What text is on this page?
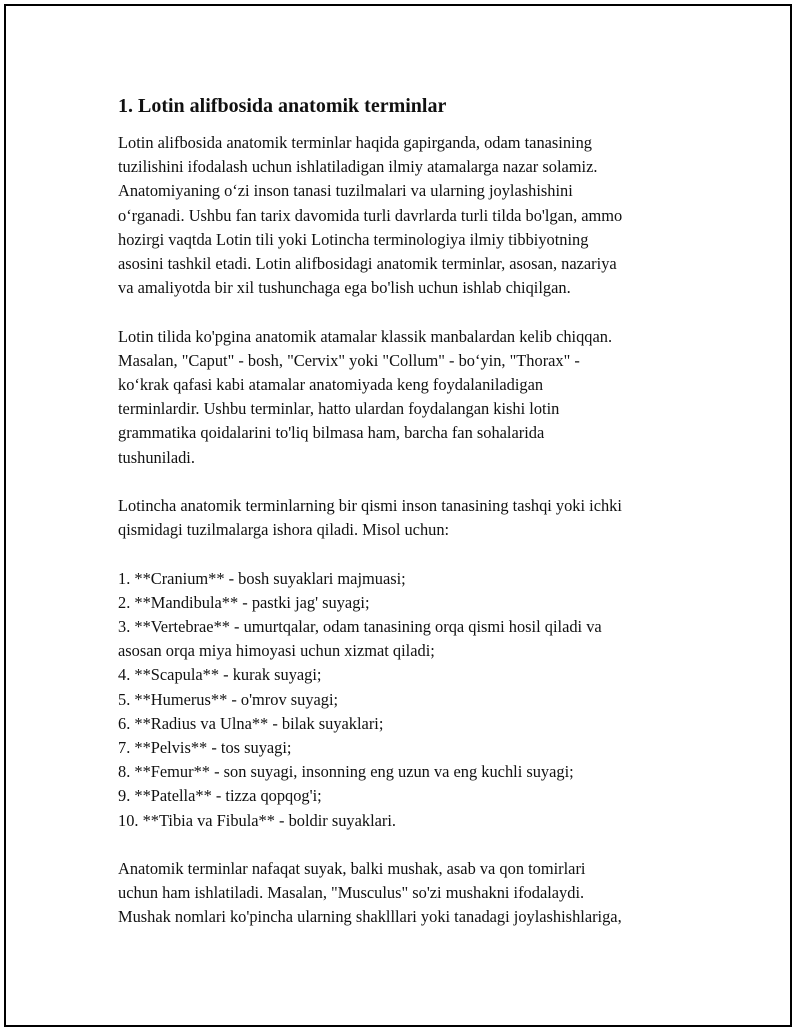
1. Lotin alifbosida anatomik terminlar

Lotin alifbosida anatomik terminlar haqida gapirganda, odam tanasining
tuzilishini ifodalash uchun ishlatiladigan ilmiy atamalarga nazar solamiz.
Anatomiyaning oʻzi inson tanasi tuzilmalari va ularning joylashishini
oʻrganadi. Ushbu fan tarix davomida turli davrlarda turli tilda bo'lgan, ammo
hozirgi vaqtda Lotin tili yoki Lotincha terminologiya ilmiy tibbiyotning
asosini tashkil etadi. Lotin alifbosidagi anatomik terminlar, asosan, nazariya
va amaliyotda bir xil tushunchaga ega bo'lish uchun ishlab chiqilgan.

Lotin tilida ko'pgina anatomik atamalar klassik manbalardan kelib chiqqan.
Masalan, "Caput" - bosh, "Cervix" yoki "Collum" - boʻyin, "Thorax" -
koʻkrak qafasi kabi atamalar anatomiyada keng foydalaniladigan
terminlardir. Ushbu terminlar, hatto ulardan foydalangan kishi lotin
grammatika qoidalarini to'liq bilmasa ham, barcha fan sohalarida
tushuniladi.

Lotincha anatomik terminlarning bir qismi inson tanasining tashqi yoki ichki
qismidagi tuzilmalarga ishora qiladi. Misol uchun:

1. **Cranium** - bosh suyaklari majmuasi;
2. **Mandibula** - pastki jag' suyagi;
3. **Vertebrae** - umurtqalar, odam tanasining orqa qismi hosil qiladi va
asosan orqa miya himoyasi uchun xizmat qiladi;
4. **Scapula** - kurak suyagi;
5. **Humerus** - o'mrov suyagi;
6. **Radius va Ulna** - bilak suyaklari;
7. **Pelvis** - tos suyagi;
8. **Femur** - son suyagi, insonning eng uzun va eng kuchli suyagi;
9. **Patella** - tizza qopqog'i;
10. **Tibia va Fibula** - boldir suyaklari.

Anatomik terminlar nafaqat suyak, balki mushak, asab va qon tomirlari
uchun ham ishlatiladi. Masalan, "Musculus" so'zi mushakni ifodalaydi.
Mushak nomlari ko'pincha ularning shaklllari yoki tanadagi joylashishlariga,
